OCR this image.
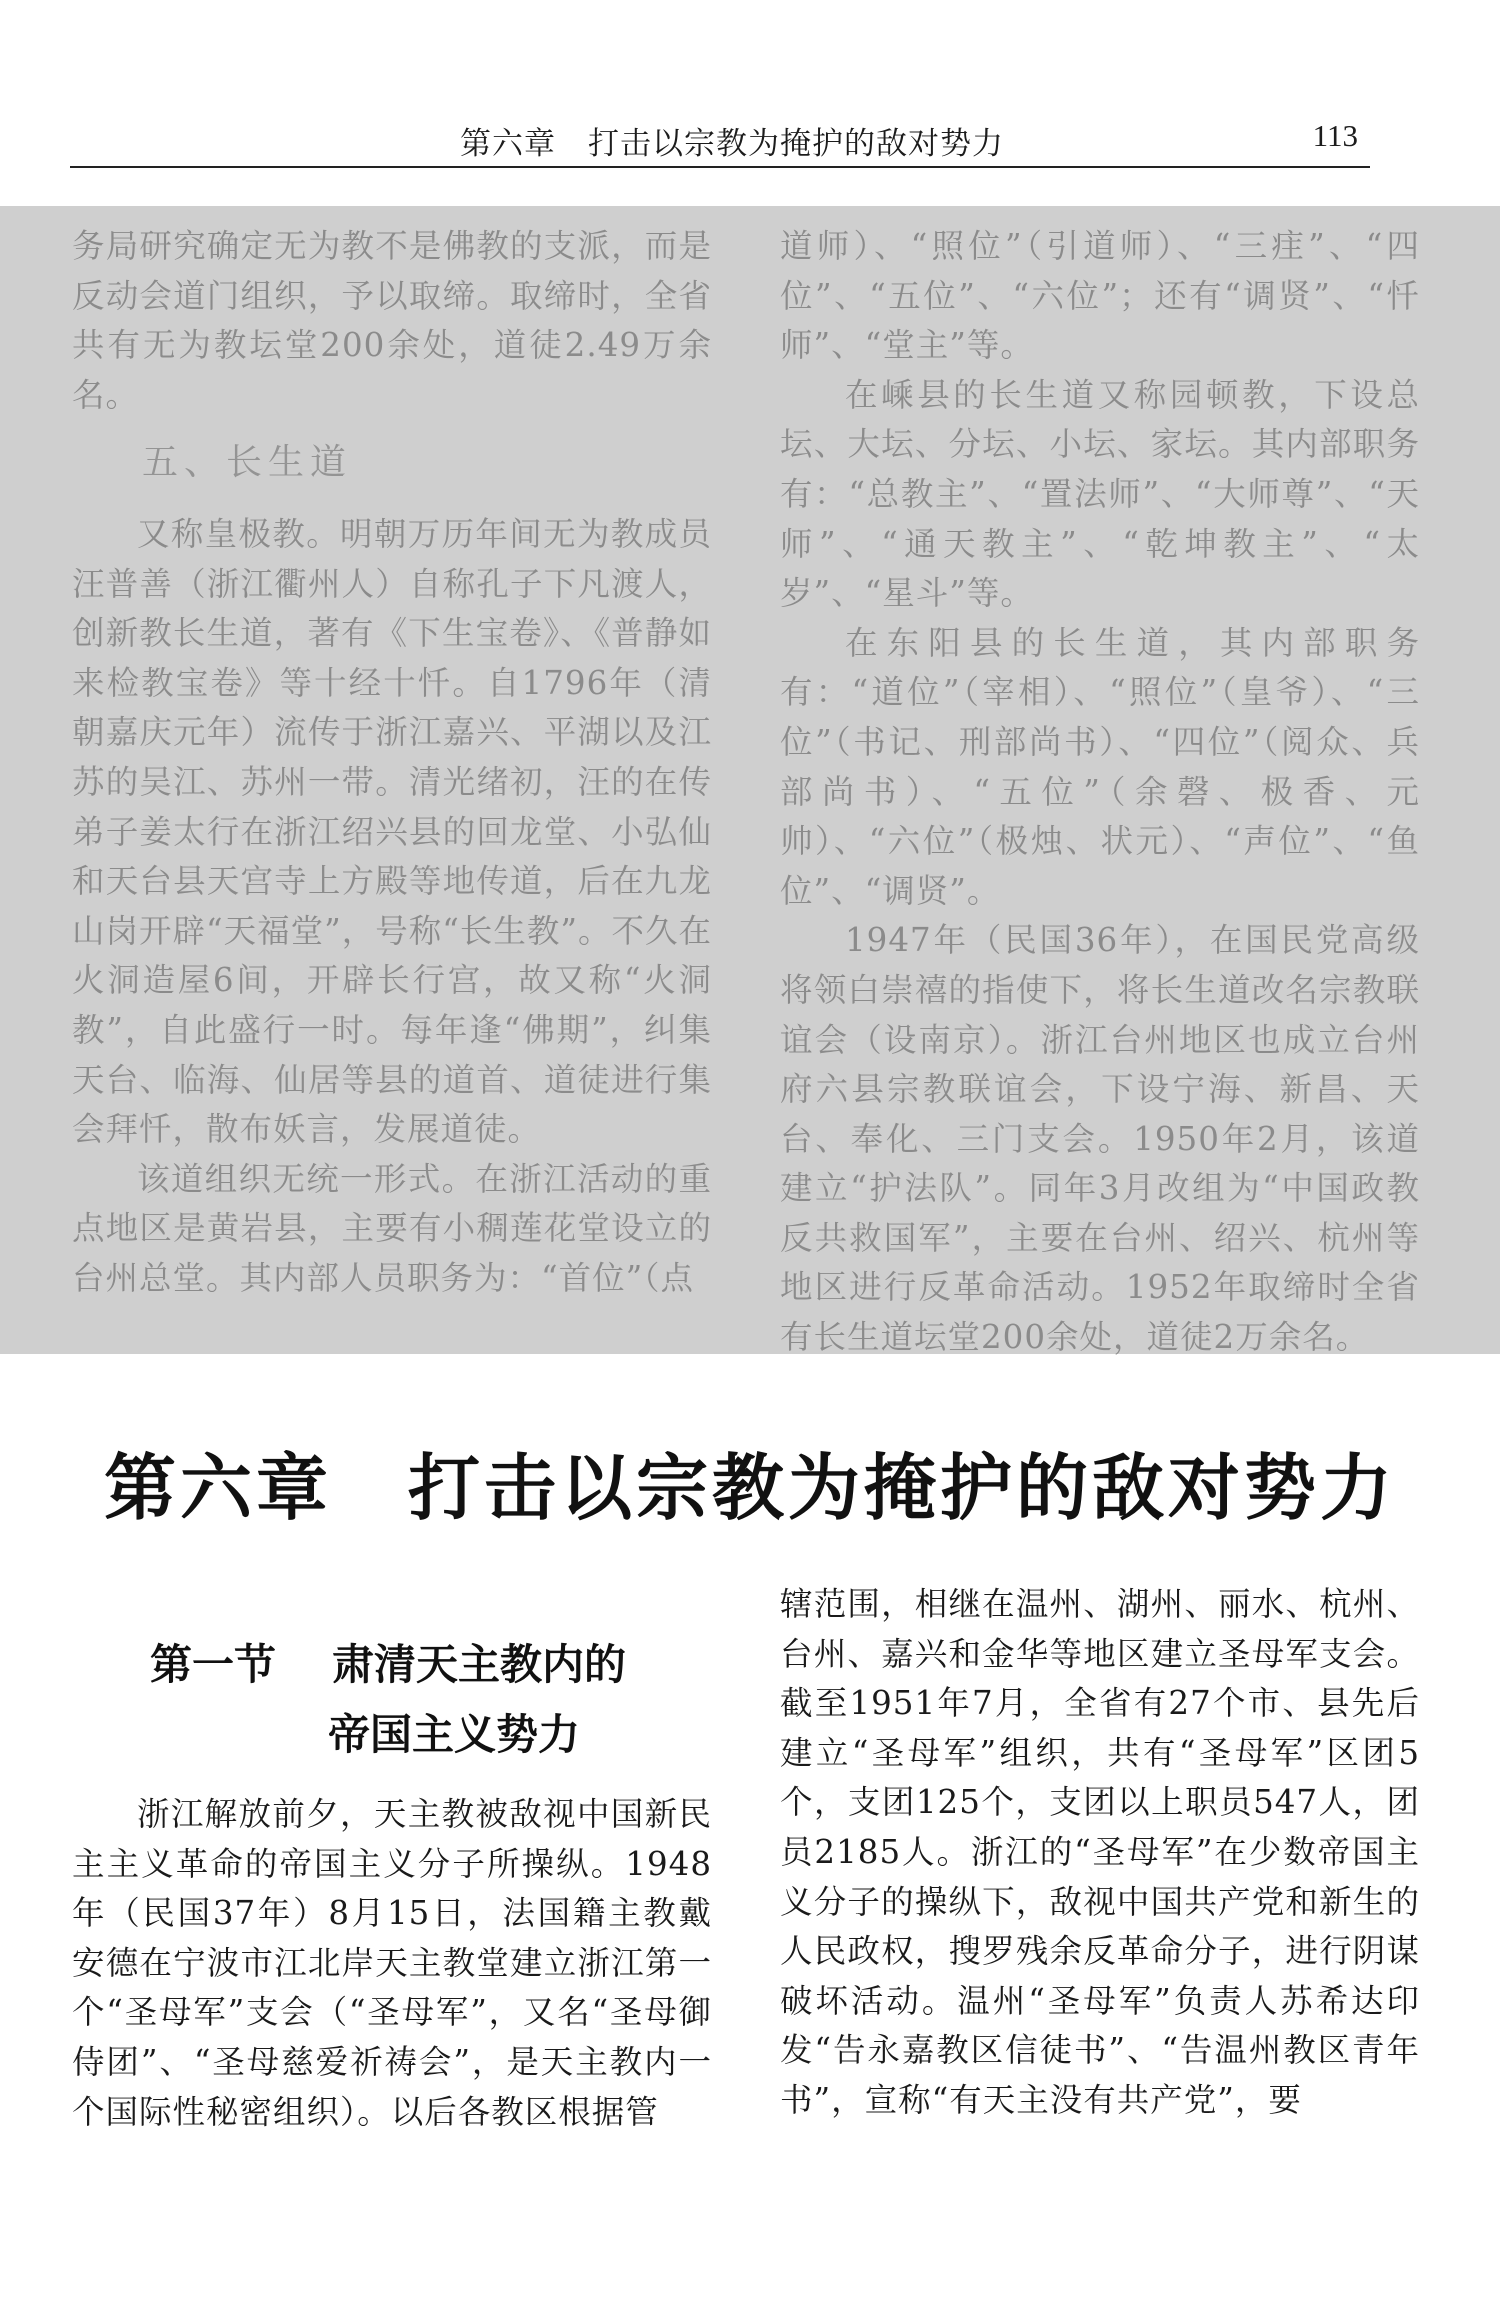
第六章　打击以宗教为掩护的敌对势力	113

务局研究确定无为教不是佛教的支派，而是反动会道门组织，予以取缔。取缔时，全省共有无为教坛堂200余处，道徒2.49万余名。

五、长生道

又称皇极教。明朝万历年间无为教成员汪普善（浙江衢州人）自称孔子下凡渡人，创新教长生道，著有《下生宝卷》、《普静如来检教宝卷》等十经十忏。自1796年（清朝嘉庆元年）流传于浙江嘉兴、平湖以及江苏的吴江、苏州一带。清光绪初，汪的在传弟子姜太行在浙江绍兴县的回龙堂、小弘仙和天台县天宫寺上方殿等地传道，后在九龙山岗开辟“天福堂”，号称“长生教”。不久在火洞造屋6间，开辟长行宫，故又称“火洞教”，自此盛行一时。每年逢“佛期”，纠集天台、临海、仙居等县的道首、道徒进行集会拜忏，散布妖言，发展道徒。

该道组织无统一形式。在浙江活动的重点地区是黄岩县，主要有小稠莲花堂设立的台州总堂。其内部人员职务为：“首位”（点

道师）、“照位”（引道师）、“三疰”、“四位”、“五位”、“六位”；还有“调贤”、“忏师”、“堂主”等。

在嵊县的长生道又称园顿教，下设总坛、大坛、分坛、小坛、家坛。其内部职务有：“总教主”、“置法师”、“大师尊”、“天师”、“通天教主”、“乾坤教主”、“太岁”、“星斗”等。

在东阳县的长生道，其内部职务有：“道位”（宰相）、“照位”（皇爷）、“三位”（书记、刑部尚书）、“四位”（阅众、兵部尚书）、“五位”（余磬、极香、元帅）、“六位”（极烛、状元）、“声位”、“鱼位”、“调贤”。

1947年（民国36年），在国民党高级将领白崇禧的指使下，将长生道改名宗教联谊会（设南京）。浙江台州地区也成立台州府六县宗教联谊会，下设宁海、新昌、天台、奉化、三门支会。1950年2月，该道建立“护法队”。同年3月改组为“中国政教反共救国军”，主要在台州、绍兴、杭州等地区进行反革命活动。1952年取缔时全省有长生道坛堂200余处，道徒2万余名。

第六章　打击以宗教为掩护的敌对势力
第一节 肃清天主教内的
帝国主义势力

浙江解放前夕，天主教被敌视中国新民主主义革命的帝国主义分子所操纵。1948年（民国37年）8月15日，法国籍主教戴安德在宁波市江北岸天主教堂建立浙江第一个“圣母军”支会（“圣母军”，又名“圣母御侍团”、“圣母慈爱祈祷会”，是天主教内一个国际性秘密组织）。以后各教区根据管

辖范围，相继在温州、湖州、丽水、杭州、台州、嘉兴和金华等地区建立圣母军支会。截至1951年7月，全省有27个市、县先后建立“圣母军”组织，共有“圣母军”区团5个，支团125个，支团以上职员547人，团员2185人。浙江的“圣母军”在少数帝国主义分子的操纵下，敌视中国共产党和新生的人民政权，搜罗残余反革命分子，进行阴谋破坏活动。温州“圣母军”负责人苏希达印发“告永嘉教区信徒书”、“告温州教区青年书”，宣称“有天主没有共产党”，要
